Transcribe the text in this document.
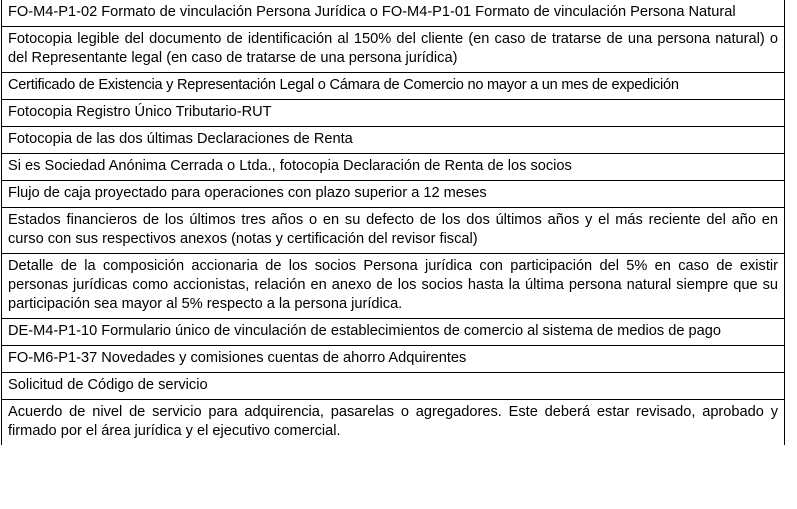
FO-M4-P1-02 Formato de vinculación Persona Jurídica o FO-M4-P1-01 Formato de vinculación Persona Natural

Fotocopia legible del documento de identificación al 150% del cliente (en caso de tratarse de una persona natural) o del Representante legal (en caso de tratarse de una persona jurídica)

Certificado de Existencia y Representación Legal o Cámara de Comercio no mayor a un mes de expedición

Fotocopia Registro Único Tributario-RUT

Fotocopia de las dos últimas Declaraciones de Renta

Si es Sociedad Anónima Cerrada o Ltda., fotocopia Declaración de Renta de los socios

Flujo de caja proyectado para operaciones con plazo superior a 12 meses

Estados financieros de los últimos tres años o en su defecto de los dos últimos años y el más reciente del año en curso con sus respectivos anexos (notas y certificación del revisor fiscal)

Detalle de la composición accionaria de los socios Persona jurídica con participación del 5% en caso de existir personas jurídicas como accionistas, relación en anexo de los socios hasta la última persona natural siempre que su participación sea mayor al 5% respecto a la persona jurídica.

DE-M4-P1-10 Formulario único de vinculación de establecimientos de comercio al sistema de medios de pago

FO-M6-P1-37 Novedades y comisiones cuentas de ahorro Adquirentes

Solicitud de Código de servicio

Acuerdo de nivel de servicio para adquirencia, pasarelas o agregadores. Este deberá estar revisado, aprobado y firmado por el área jurídica y el ejecutivo comercial.
